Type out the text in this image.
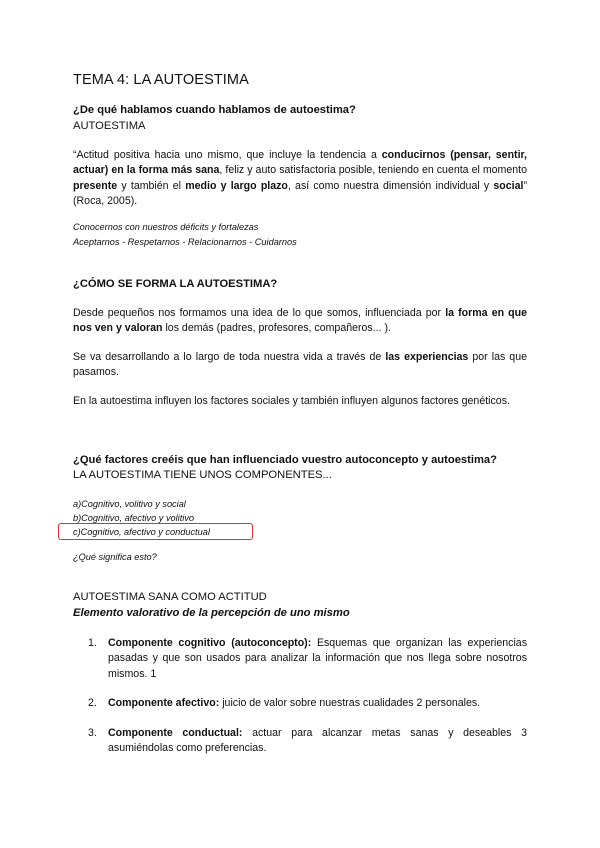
TEMA 4: LA AUTOESTIMA
¿De qué hablamos cuando hablamos de autoestima?
AUTOESTIMA
“Actitud positiva hacia uno mismo, que incluye la tendencia a conducirnos (pensar, sentir, actuar) en la forma más sana, feliz y auto satisfactoria posible, teniendo en cuenta el momento presente y también el medio y largo plazo, así como nuestra dimensión individual y social” (Roca, 2005).
Conocernos con nuestros déficits y fortalezas
Aceptarnos - Respetarnos - Relacionarnos - Cuidarnos
¿CÓMO SE FORMA LA AUTOESTIMA?
Desde pequeños nos formamos una idea de lo que somos, influenciada por la forma en que nos ven y valoran los demás (padres, profesores, compañeros... ).
Se va desarrollando a lo largo de toda nuestra vida a través de las experiencias por las que pasamos.
En la autoestima influyen los factores sociales y también influyen algunos factores genéticos.
¿Qué factores creéis que han influenciado vuestro autoconcepto y autoestima?
LA AUTOESTIMA TIENE UNOS COMPONENTES...
a)Cognitivo, volitivo y social
b)Cognitivo, afectivo y volitivo
c)Cognitivo, afectivo y conductual
¿Qué significa esto?
AUTOESTIMA SANA COMO ACTITUD
Elemento valorativo de la percepción de uno mismo
1. Componente cognitivo (autoconcepto): Esquemas que organizan las experiencias pasadas y que son usados para analizar la información que nos llega sobre nosotros mismos. 1
2. Componente afectivo: juicio de valor sobre nuestras cualidades 2 personales.
3. Componente conductual: actuar para alcanzar metas sanas y deseables 3 asumiéndolas como preferencias.
